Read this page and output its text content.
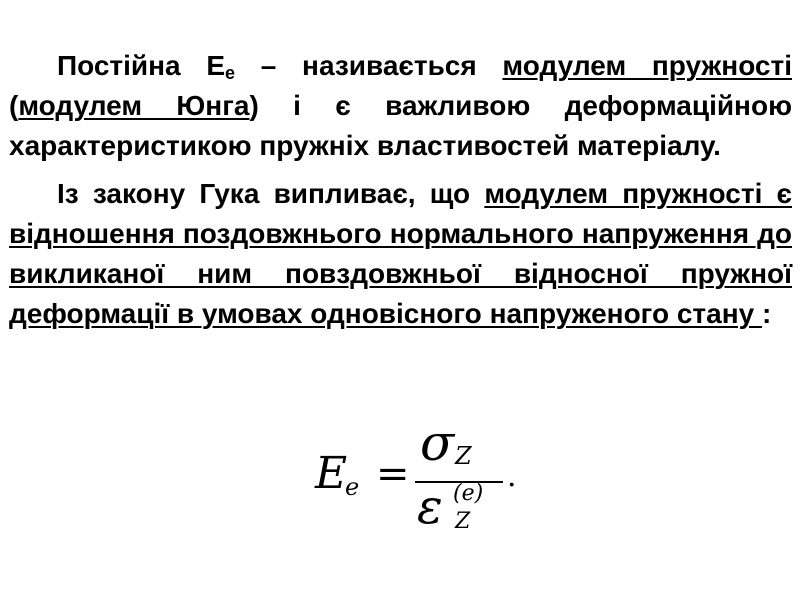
Постійна $Е_е$ – називається модулем пружності (модулем Юнга) і є важливою деформаційною характеристикою пружніх властивостей матеріалу.

Із закону Гука випливає, що модулем пружності є відношення поздовжнього нормального напруження до викликаної ним повздовжньої відносної пружної деформації в умовах одновісного напруженого стану :

E
e =
σ Z
ε (e)
Z
.
